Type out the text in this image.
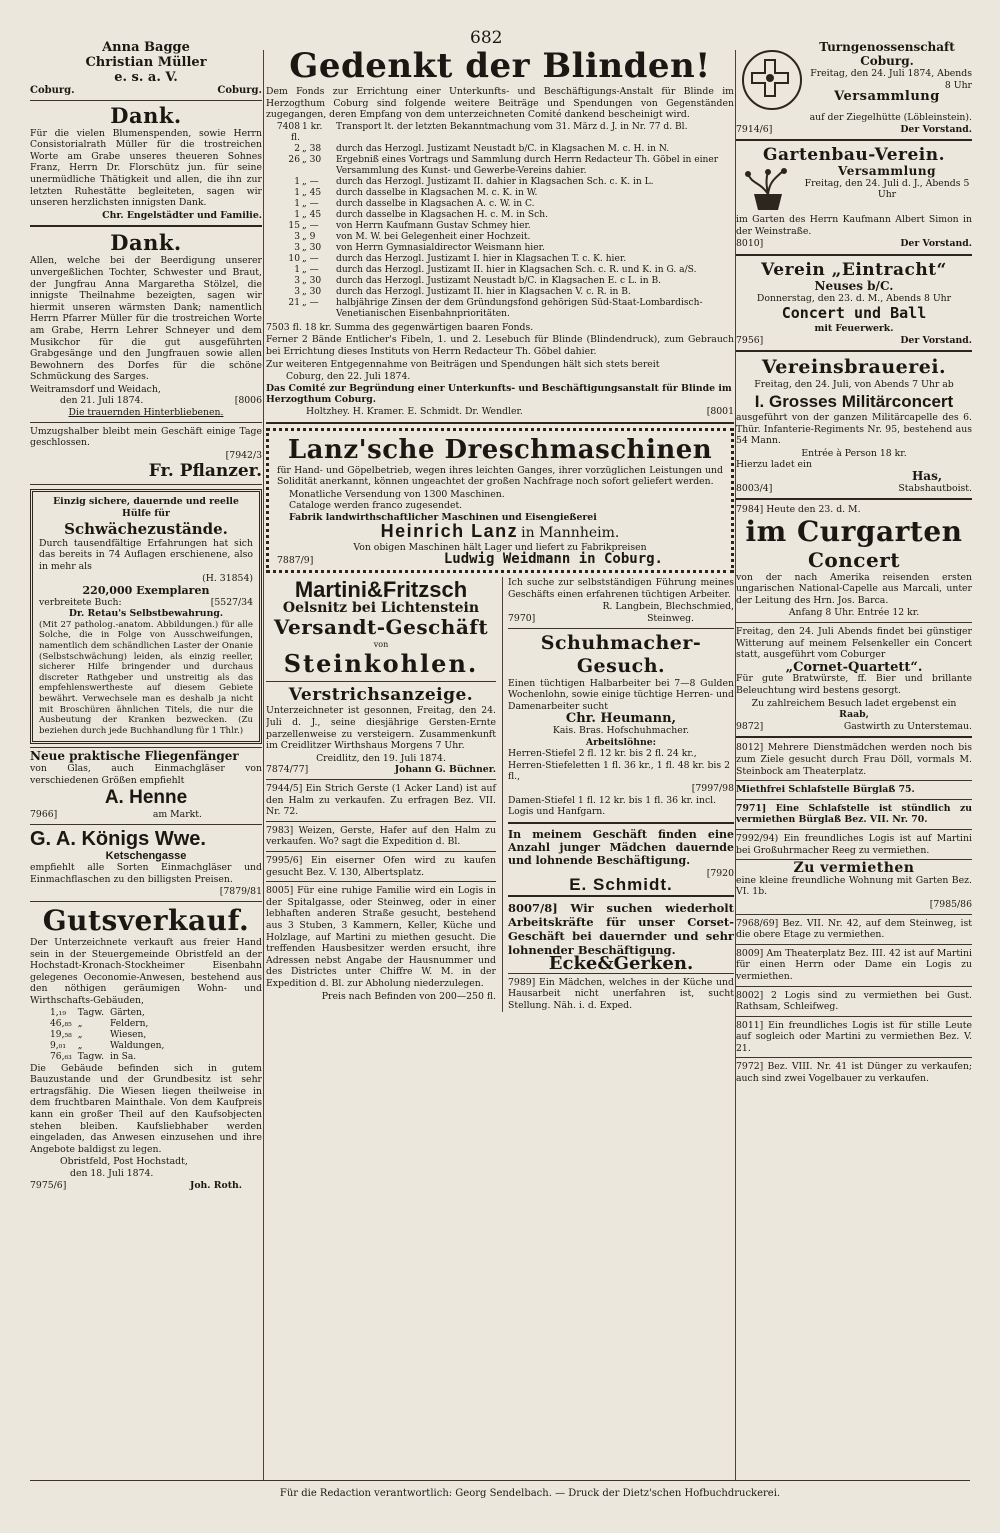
682
Anna Bagge
Christian Müller
e. s. a. V.
Coburg.	Coburg.
Dank.

Für die vielen Blumenspenden, sowie Herrn Consistorialrath Müller für die trostreichen Worte am Grabe unseres theueren Sohnes Franz, Herrn Dr. Florschütz jun. für seine unermüdliche Thätigkeit und allen, die ihn zur letzten Ruhestätte begleiteten, sagen wir unseren herzlichsten innigsten Dank.

Chr. Engelstädter und Familie.
Dank.

Allen, welche bei der Beerdigung unserer unvergeßlichen Tochter, Schwester und Braut, der Jungfrau Anna Margaretha Stölzel, die innigste Theilnahme bezeigten, sagen wir hiermit unseren wärmsten Dank; namentlich Herrn Pfarrer Müller für die trostreichen Worte am Grabe, Herrn Lehrer Schneyer und dem Musikchor für die gut ausgeführten Grabgesänge und den Jungfrauen sowie allen Bewohnern des Dorfes für die schöne Schmückung des Sarges.

Weitramsdorf und Weidach,
den 21. Juli 1874.	[8006
Die trauernden Hinterbliebenen.

Umzugshalber bleibt mein Geschäft einige Tage geschlossen.

[7942/3
Fr. Pflanzer.
Einzig sichere, dauernde und reelle Hülfe für
Schwächezustände.

Durch tausendfältige Erfahrungen hat sich das bereits in 74 Auflagen erschienene, also in mehr als

(H. 31854)
220,000 Exemplaren
verbreitete Buch:	[5527/34
Dr. Retau's Selbstbewahrung.

(Mit 27 patholog.-anatom. Abbildungen.) für alle Solche, die in Folge von Ausschweifungen, namentlich dem schändlichen Laster der Onanie (Selbstschwächung) leiden, als einzig reeller, sicherer Hilfe bringender und durchaus discreter Rathgeber und unstreitig als das empfehlenswertheste auf diesem Gebiete bewährt. Verwechsele man es deshalb ja nicht mit Broschüren ähnlichen Titels, die nur die Ausbeutung der Kranken bezwecken. (Zu beziehen durch jede Buchhandlung für 1 Thlr.)

Neue praktische Fliegenfänger

von Glas, auch Einmachgläser von verschiedenen Größen empfiehlt

A. Henne
7966]	am Markt.
G. A. Königs Wwe.
Ketschengasse

empfiehlt alle Sorten Einmachgläser und Einmachflaschen zu den billigsten Preisen.

[7879/81
Gutsverkauf.

Der Unterzeichnete verkauft aus freier Hand sein in der Steuergemeinde Obristfeld an der Hochstadt-Kronach-Stockheimer Eisenbahn gelegenes Oeconomie-Anwesen, bestehend aus den nöthigen geräumigen Wohn- und Wirthschafts-Gebäuden,

1,₁₉	Tagw.	Gärten,
46,₈₅	„	Feldern,
19,₅₈	„	Wiesen,
9,₀₁	„	Waldungen,
76,₆₃	Tagw.	in Sa.

Die Gebäude befinden sich in gutem Bauzustande und der Grundbesitz ist sehr ertragsfähig. Die Wiesen liegen theilweise in dem fruchtbaren Mainthale. Von dem Kaufpreis kann ein großer Theil auf den Kaufsobjecten stehen bleiben. Kaufsliebhaber werden eingeladen, das Anwesen einzusehen und ihre Angebote baldigst zu legen.

Obristfeld, Post Hochstadt,
den 18. Juli 1874.
7975/6]	Joh. Roth.
Gedenkt der Blinden!

Dem Fonds zur Errichtung einer Unterkunfts- und Beschäftigungs-Anstalt für Blinde im Herzogthum Coburg sind folgende weitere Beiträge und Spendungen von Gegenständen zugegangen, deren Empfang von dem unterzeichneten Comité dankend bescheinigt wird.

7408 fl.	1 kr.	Transport lt. der letzten Bekanntmachung vom 31. März d. J. in Nr. 77 d. Bl.
2	„ 38	durch das Herzogl. Justizamt Neustadt b/C. in Klagsachen M. c. H. in N.
26	„ 30	Ergebniß eines Vortrags und Sammlung durch Herrn Redacteur Th. Göbel in einer Versammlung des Kunst- und Gewerbe-Vereins dahier.
1	„ —	durch das Herzogl. Justizamt II. dahier in Klagsachen Sch. c. K. in L.
1	„ 45	durch dasselbe in Klagsachen M. c. K. in W.
1	„ —	durch dasselbe in Klagsachen A. c. W. in C.
1	„ 45	durch dasselbe in Klagsachen H. c. M. in Sch.
15	„ —	von Herrn Kaufmann Gustav Schmey hier.
3	„ 9	von M. W. bei Gelegenheit einer Hochzeit.
3	„ 30	von Herrn Gymnasialdirector Weismann hier.
10	„ —	durch das Herzogl. Justizamt I. hier in Klagsachen T. c. K. hier.
1	„ —	durch das Herzogl. Justizamt II. hier in Klagsachen Sch. c. R. und K. in G. a/S.
3	„ 30	durch das Herzogl. Justizamt Neustadt b/C. in Klagsachen E. c L. in B.
3	„ 30	durch das Herzogl. Justizamt II. hier in Klagsachen V. c. R. in B.
21	„ —	halbjährige Zinsen der dem Gründungsfond gehörigen Süd-Staat-Lombardisch-Venetianischen Eisenbahnprioritäten.

7503 fl. 18 kr. Summa des gegenwärtigen baaren Fonds.

Ferner 2 Bände Entlicher's Fibeln, 1. und 2. Lesebuch für Blinde (Blindendruck), zum Gebrauch bei Errichtung dieses Instituts von Herrn Redacteur Th. Göbel dahier.

Zur weiteren Entgegennahme von Beiträgen und Spendungen hält sich stets bereit

Coburg, den 22. Juli 1874.
Das Comité zur Begründung einer Unterkunfts- und Beschäftigungsanstalt für Blinde im Herzogthum Coburg.
Holtzhey. H. Kramer. E. Schmidt. Dr. Wendler.	[8001
Lanz'sche Dreschmaschinen

für Hand- und Göpelbetrieb, wegen ihres leichten Ganges, ihrer vorzüglichen Leistungen und Solidität anerkannt, können ungeachtet der großen Nachfrage noch sofort geliefert werden.

Monatliche Versendung von 1300 Maschinen.
Cataloge werden franco zugesendet.
Fabrik landwirthschaftlicher Maschinen und Eisengießerei
Heinrich Lanz in Mannheim.
Von obigen Maschinen hält Lager und liefert zu Fabrikpreisen
7887/9]	Ludwig Weidmann in Coburg.
Martini&Fritzsch
Oelsnitz bei Lichtenstein
Versandt-Geschäft
von
Steinkohlen.
Verstrichsanzeige.

Unterzeichneter ist gesonnen, Freitag, den 24. Juli d. J., seine diesjährige Gersten-Ernte parzellenweise zu versteigern. Zusammenkunft im Creidlitzer Wirthshaus Morgens 7 Uhr.

Creidlitz, den 19. Juli 1874.
7874/77]	Johann G. Büchner.

7944/5] Ein Strich Gerste (1 Acker Land) ist auf den Halm zu verkaufen. Zu erfragen Bez. VII. Nr. 72.

7983] Weizen, Gerste, Hafer auf den Halm zu verkaufen. Wo? sagt die Expedition d. Bl.

7995/6] Ein eiserner Ofen wird zu kaufen gesucht Bez. V. 130, Albertsplatz.

8005] Für eine ruhige Familie wird ein Logis in der Spitalgasse, oder Steinweg, oder in einer lebhaften anderen Straße gesucht, bestehend aus 3 Stuben, 3 Kammern, Keller, Küche und Holzlage, auf Martini zu miethen gesucht. Die treffenden Hausbesitzer werden ersucht, ihre Adressen nebst Angabe der Hausnummer und des Districtes unter Chiffre W. M. in der Expedition d. Bl. zur Abholung niederzulegen.

Preis nach Befinden von 200—250 fl.

Ich suche zur selbstständigen Führung meines Geschäfts einen erfahrenen tüchtigen Arbeiter.

R. Langbein, Blechschmied,
7970]	Steinweg.
Schuhmacher-Gesuch.

Einen tüchtigen Halbarbeiter bei 7—8 Gulden Wochenlohn, sowie einige tüchtige Herren- und Damenarbeiter sucht

Chr. Heumann,
Kais. Bras. Hofschuhmacher.
Arbeitslöhne:
Herren-Stiefel 2 fl. 12 kr. bis 2 fl. 24 kr.,
Herren-Stiefeletten 1 fl. 36 kr., 1 fl. 48 kr. bis 2 fl.,
[7997/98
Damen-Stiefel 1 fl. 12 kr. bis 1 fl. 36 kr. incl. Logis und Hanfgarn.

In meinem Geschäft finden eine Anzahl junger Mädchen dauernde und lohnende Beschäftigung.

[7920
E. Schmidt.

8007/8] Wir suchen wiederholt Arbeitskräfte für unser Corset-Geschäft bei dauernder und sehr lohnender Beschäftigung.

Ecke&Gerken.

7989] Ein Mädchen, welches in der Küche und Hausarbeit nicht unerfahren ist, sucht Stellung. Näh. i. d. Exped.

Turngenossenschaft Coburg.
Freitag, den 24. Juli 1874, Abends 8 Uhr
Versammlung
auf der Ziegelhütte (Löbleinstein).
7914/6]	Der Vorstand.
Gartenbau-Verein.
Versammlung
Freitag, den 24. Juli d. J., Abends 5 Uhr

im Garten des Herrn Kaufmann Albert Simon in der Weinstraße.

8010]	Der Vorstand.
Verein „Eintracht“
Neuses b/C.
Donnerstag, den 23. d. M., Abends 8 Uhr
Concert und Ball
mit Feuerwerk.
7956]	Der Vorstand.
Vereinsbrauerei.
Freitag, den 24. Juli, von Abends 7 Uhr ab
I. Grosses Militärconcert

ausgeführt von der ganzen Militärcapelle des 6. Thür. Infanterie-Regiments Nr. 95, bestehend aus 54 Mann.

Entrée à Person 18 kr.
Hierzu ladet ein
Has,
8003/4]	Stabshautboist.
7984] Heute den 23. d. M.
im Curgarten
Concert

von der nach Amerika reisenden ersten ungarischen National-Capelle aus Marcali, unter der Leitung des Hrn. Jos. Barca.

Anfang 8 Uhr. Entrée 12 kr.

Freitag, den 24. Juli Abends findet bei günstiger Witterung auf meinem Felsenkeller ein Concert statt, ausgeführt vom Coburger

„Cornet-Quartett“.

Für gute Bratwürste, ff. Bier und brillante Beleuchtung wird bestens gesorgt.

Zu zahlreichem Besuch ladet ergebenst ein
Raab,
9872]	Gastwirth zu Unterstemau.

8012] Mehrere Dienstmädchen werden noch bis zum Ziele gesucht durch Frau Döll, vormals M. Steinbock am Theaterplatz.

Miethfrei Schlafstelle Bürglaß 75.

7971] Eine Schlafstelle ist stündlich zu vermiethen Bürglaß Bez. VII. Nr. 70.

7992/94) Ein freundliches Logis ist auf Martini bei Großuhrmacher Reeg zu vermiethen.

Zu vermiethen

eine kleine freundliche Wohnung mit Garten Bez. VI. 1b.

[7985/86

7968/69] Bez. VII. Nr. 42, auf dem Steinweg, ist die obere Etage zu vermiethen.

8009] Am Theaterplatz Bez. III. 42 ist auf Martini für einen Herrn oder Dame ein Logis zu vermiethen.

8002] 2 Logis sind zu vermiethen bei Gust. Rathsam, Schleifweg.

8011] Ein freundliches Logis ist für stille Leute auf sogleich oder Martini zu vermiethen Bez. V. 21.

7972] Bez. VIII. Nr. 41 ist Dünger zu verkaufen; auch sind zwei Vogelbauer zu verkaufen.

Für die Redaction verantwortlich: Georg Sendelbach. — Druck der Dietz'schen Hofbuchdruckerei.
